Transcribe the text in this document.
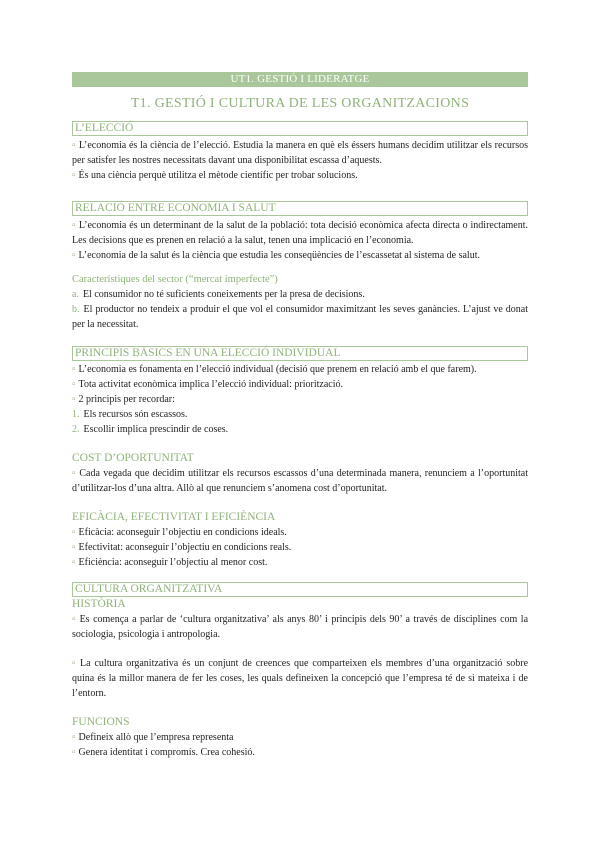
UT1. GESTIÓ I LIDERATGE
T1. GESTIÓ I CULTURA DE LES ORGANITZACIONS
L’ELECCIÓ

▫ L’economia és la ciència de l’elecció. Estudia la manera en què els éssers humans decidim utilitzar els recursos per satisfer les nostres necessitats davant una disponibilitat escassa d’aquests.

▫ És una ciència perquè utilitza el mètode científic per trobar solucions.

RELACIÓ ENTRE ECONOMIA I SALUT

▫ L’economia és un determinant de la salut de la població: tota decisió econòmica afecta directa o indirectament. Les decisions que es prenen en relació a la salut, tenen una implicació en l’economia.

▫ L’economia de la salut és la ciència que estudia les conseqüències de l’escassetat al sistema de salut.

Característiques del sector (“mercat imperfecte”)

a. El consumidor no té suficients coneixements per la presa de decisions.

b. El productor no tendeix a produir el que vol el consumidor maximitzant les seves ganàncies. L’ajust ve donat per la necessitat.

PRINCIPIS BÀSICS EN UNA ELECCIÓ INDIVIDUAL

▫ L’economia es fonamenta en l’elecció individual (decisió que prenem en relació amb el que farem).

▫ Tota activitat econòmica implica l’elecció individual: priorització.

▫ 2 principis per recordar:

1. Els recursos són escassos.

2. Escollir implica prescindir de coses.

COST D’OPORTUNITAT

▫ Cada vegada que decidim utilitzar els recursos escassos d’una determinada manera, renunciem a l’oportunitat d’utilitzar-los d’una altra. Allò al que renunciem s’anomena cost d’oportunitat.

EFICÀCIA, EFECTIVITAT I EFICIÈNCIA

▫ Eficàcia: aconseguir l’objectiu en condicions ideals.

▫ Efectivitat: aconseguir l’objectiu en condicions reals.

▫ Eficiència: aconseguir l’objectiu al menor cost.

CULTURA ORGANITZATIVA
HISTÒRIA

▫ Es comença a parlar de ‘cultura organitzativa’ als anys 80’ i principis dels 90’ a través de disciplines com la sociologia, psicologia i antropologia.

▫ La cultura organitzativa és un conjunt de creences que comparteixen els membres d’una organització sobre quina és la millor manera de fer les coses, les quals defineixen la concepció que l’empresa té de si mateixa i de l’entorn.

FUNCIONS

▫ Defineix allò que l’empresa representa

▫ Genera identitat i compromís. Crea cohesió.
